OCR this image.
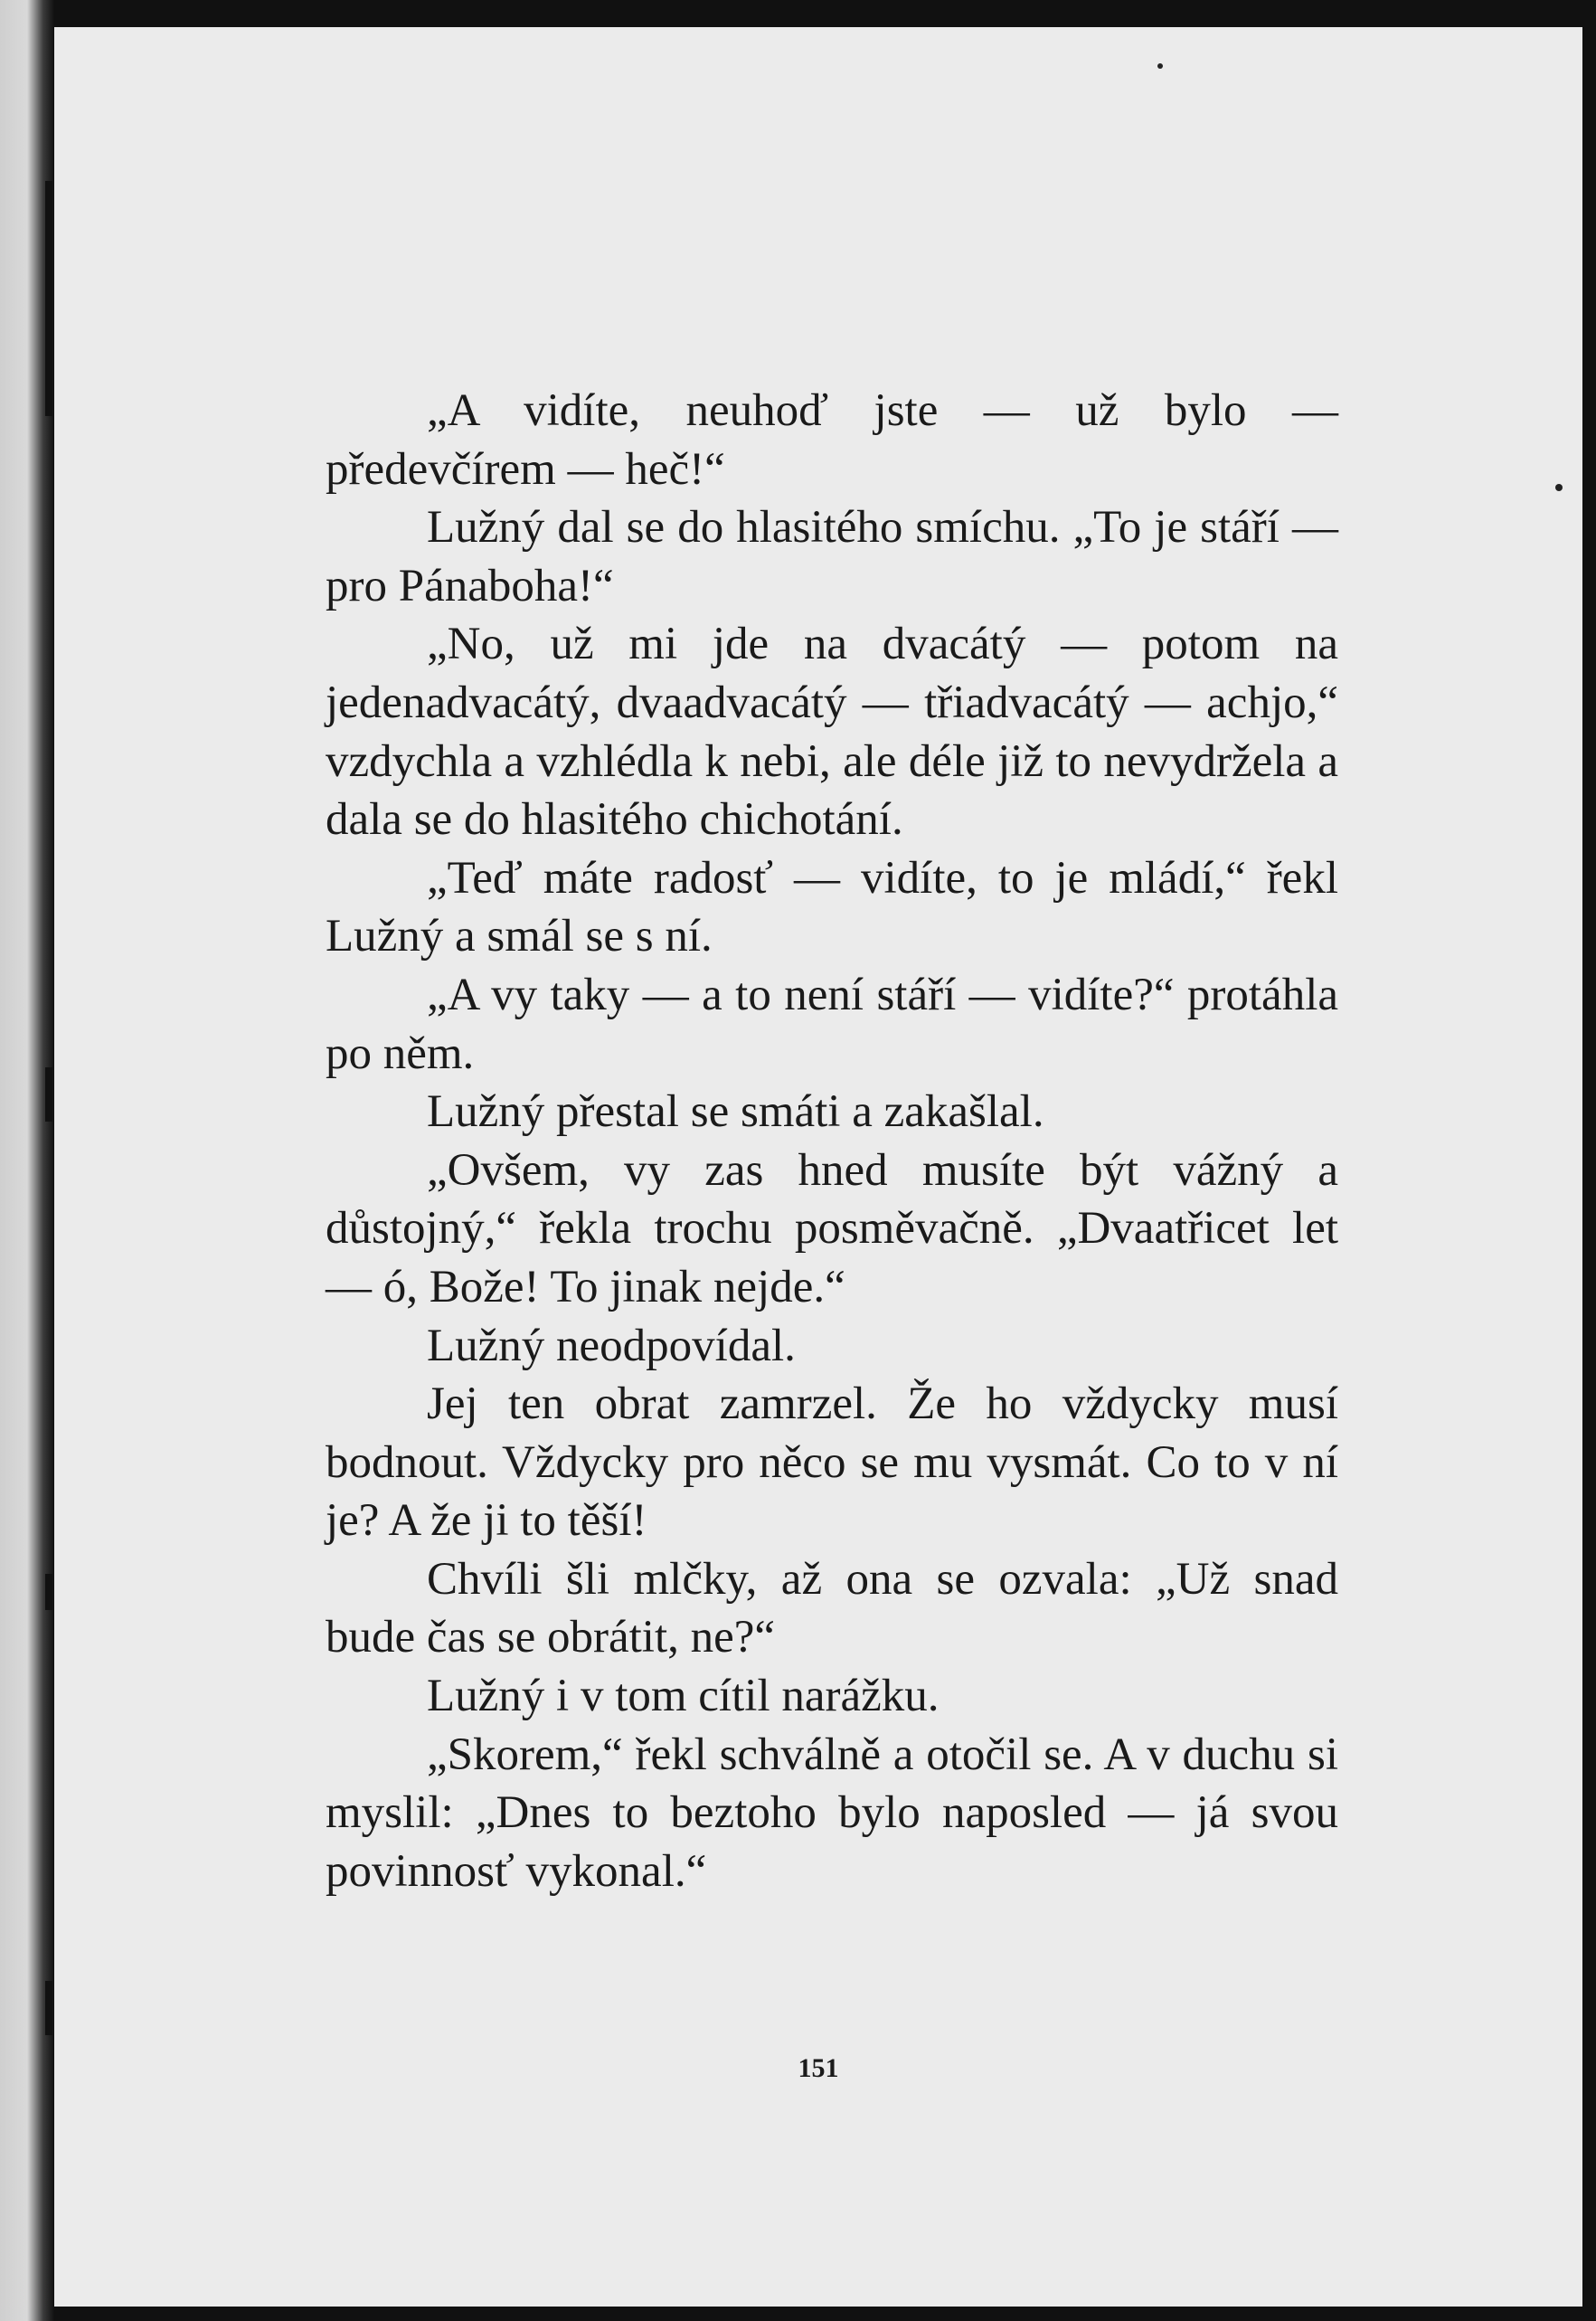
„A vidíte, neuhoď jste — už bylo — předevčírem — heč!“

Lužný dal se do hlasitého smíchu. „To je stáří — pro Pánaboha!“

„No, už mi jde na dvacátý — potom na jedenadvacátý, dvaadvacátý — třiadvacátý — achjo,“ vzdychla a vzhlédla k nebi, ale déle již to nevydržela a dala se do hlasitého chichotání.

„Teď máte radosť — vidíte, to je mládí,“ řekl Lužný a smál se s ní.

„A vy taky — a to není stáří — vidíte?“ protáhla po něm.

Lužný přestal se smáti a zakašlal.

„Ovšem, vy zas hned musíte být vážný a důstojný,“ řekla trochu posměvačně. „Dvaatřicet let — ó, Bože! To jinak nejde.“

Lužný neodpovídal.

Jej ten obrat zamrzel. Že ho vždycky musí bodnout. Vždycky pro něco se mu vysmát. Co to v ní je? A že ji to těší!

Chvíli šli mlčky, až ona se ozvala: „Už snad bude čas se obrátit, ne?“

Lužný i v tom cítil narážku.

„Skorem,“ řekl schválně a otočil se. A v duchu si myslil: „Dnes to beztoho bylo naposled — já svou povinnosť vykonal.“

151
